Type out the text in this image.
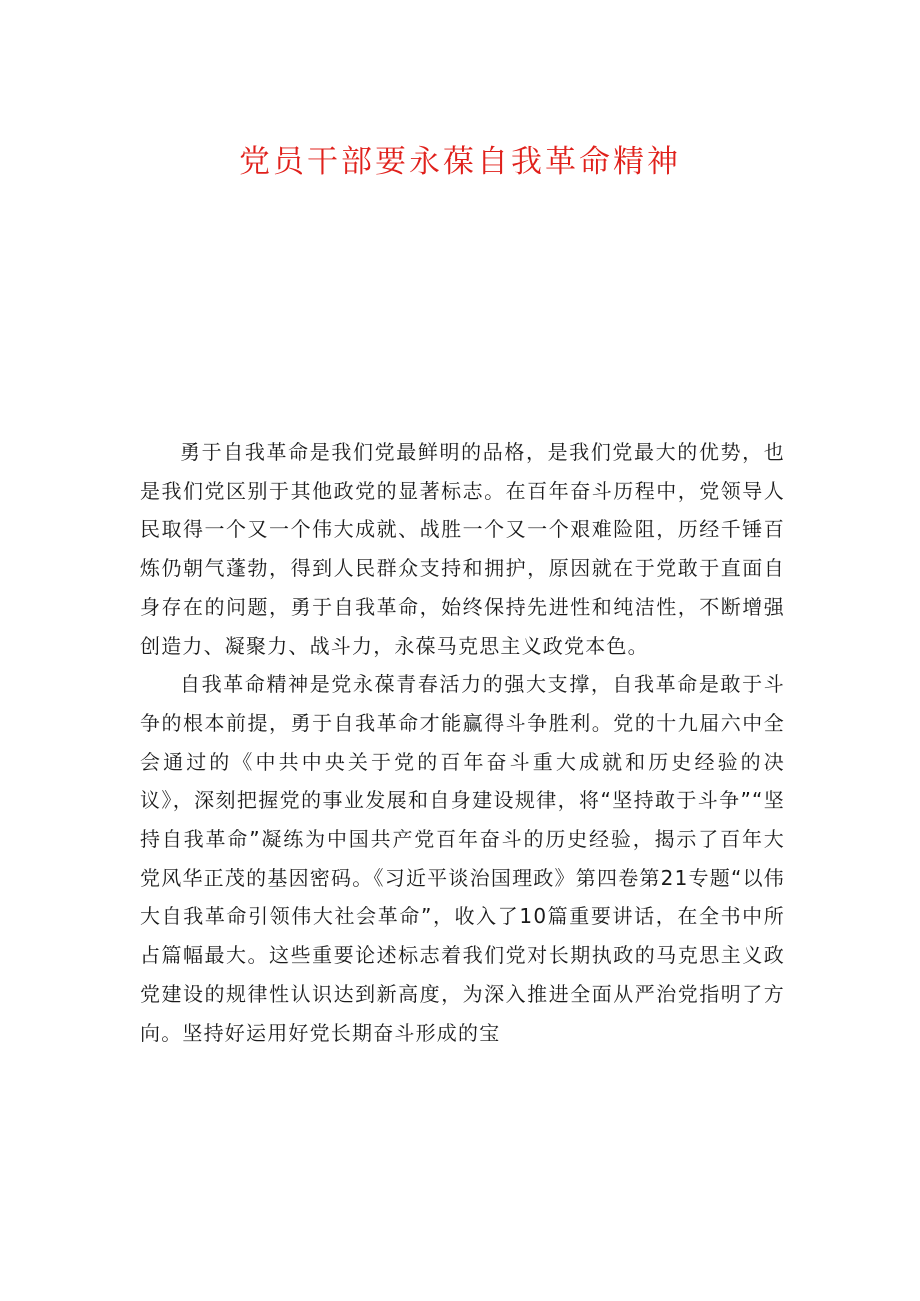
党员干部要永葆自我革命精神

勇于自我革命是我们党最鲜明的品格，是我们党最大的优势，也是我们党区别于其他政党的显著标志。在百年奋斗历程中，党领导人民取得一个又一个伟大成就、战胜一个又一个艰难险阻，历经千锤百炼仍朝气蓬勃，得到人民群众支持和拥护，原因就在于党敢于直面自身存在的问题，勇于自我革命，始终保持先进性和纯洁性，不断增强创造力、凝聚力、战斗力，永葆马克思主义政党本色。

自我革命精神是党永葆青春活力的强大支撑，自我革命是敢于斗争的根本前提，勇于自我革命才能赢得斗争胜利。党的十九届六中全会通过的《中共中央关于党的百年奋斗重大成就和历史经验的决议》，深刻把握党的事业发展和自身建设规律，将“坚持敢于斗争”“坚持自我革命”凝练为中国共产党百年奋斗的历史经验，揭示了百年大党风华正茂的基因密码。《习近平谈治国理政》第四卷第21专题“以伟大自我革命引领伟大社会革命”，收入了10篇重要讲话，在全书中所占篇幅最大。这些重要论述标志着我们党对长期执政的马克思主义政党建设的规律性认识达到新高度，为深入推进全面从严治党指明了方向。坚持好运用好党长期奋斗形成的宝
